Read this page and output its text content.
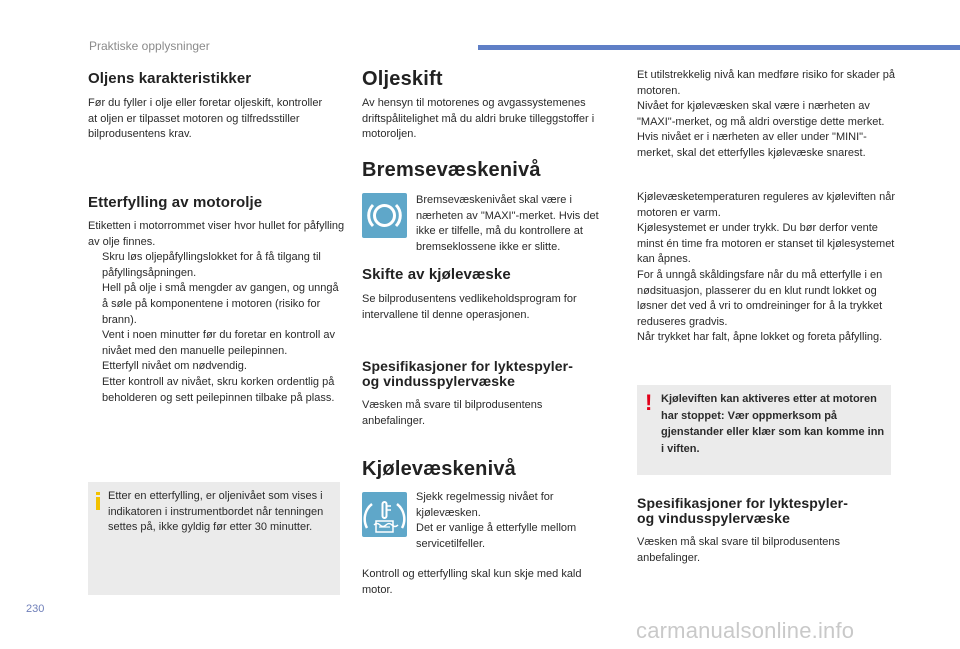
Praktiske opplysninger
Oljens karakteristikker

Før du fyller i olje eller foretar oljeskift, kontroller at oljen er tilpasset motoren og tilfredsstiller bilprodusentens krav.

Etterfylling av motorolje

Etiketten i motorrommet viser hvor hullet for påfylling av olje finnes.

Skru løs oljepåfyllingslokket for å få tilgang til påfyllingsåpningen.
Hell på olje i små mengder av gangen, og unngå å søle på komponentene i motoren (risiko for brann).
Vent i noen minutter før du foretar en kontroll av nivået med den manuelle peilepinnen.
Etterfyll nivået om nødvendig.
Etter kontroll av nivået, skru korken ordentlig på beholderen og sett peilepinnen tilbake på plass.

Etter en etterfylling, er oljenivået som vises i indikatoren i instrumentbordet når tenningen settes på, ikke gyldig før etter 30 minutter.

Oljeskift

Av hensyn til motorenes og avgassystemenes driftspålitelighet må du aldri bruke tilleggstoffer i motoroljen.

Bremsevæskenivå

Bremsevæskenivået skal være i nærheten av "MAXI"-merket. Hvis det ikke er tilfelle, må du kontrollere at bremseklossene ikke er slitte.

Skifte av kjølevæske

Se bilprodusentens vedlikeholdsprogram for intervallene til denne operasjonen.

Spesifikasjoner for lyktespyler-
og vindusspylervæske

Væsken må svare til bilprodusentens anbefalinger.

Kjølevæskenivå

Sjekk regelmessig nivået for kjølevæsken.

Det er vanlige å etterfylle mellom servicetilfeller.

Kontroll og etterfylling skal kun skje med kald motor.

Et utilstrekkelig nivå kan medføre risiko for skader på motoren.

Nivået for kjølevæsken skal være i nærheten av "MAXI"-merket, og må aldri overstige dette merket.

Hvis nivået er i nærheten av eller under "MINI"-merket, skal det etterfylles kjølevæske snarest.

Kjølevæsketemperaturen reguleres av kjøleviften når motoren er varm.

Kjølesystemet er under trykk. Du bør derfor vente minst én time fra motoren er stanset til kjølesystemet kan åpnes.

For å unngå skåldingsfare når du må etterfylle i en nødsituasjon, plasserer du en klut rundt lokket og løsner det ved å vri to omdreininger for å la trykket reduseres gradvis.

Når trykket har falt, åpne lokket og foreta påfylling.

! Kjøleviften kan aktiveres etter at motoren har stoppet: Vær oppmerksom på gjenstander eller klær som kan komme inn i viften.

Spesifikasjoner for lyktespyler-
og vindusspylervæske

Væsken må skal svare til bilprodusentens anbefalinger.

230
carmanualsonline.info
